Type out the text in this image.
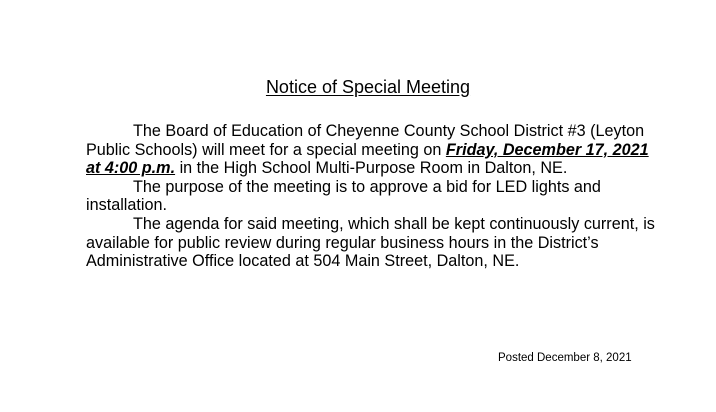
Notice of Special Meeting

The Board of Education of Cheyenne County School District #3 (Leyton Public Schools) will meet for a special meeting on Friday, December 17, 2021 at 4:00 p.m. in the High School Multi-Purpose Room in Dalton, NE.

The purpose of the meeting is to approve a bid for LED lights and installation.

The agenda for said meeting, which shall be kept continuously current, is available for public review during regular business hours in the District’s Administrative Office located at 504 Main Street, Dalton, NE.

Posted December 8, 2021
